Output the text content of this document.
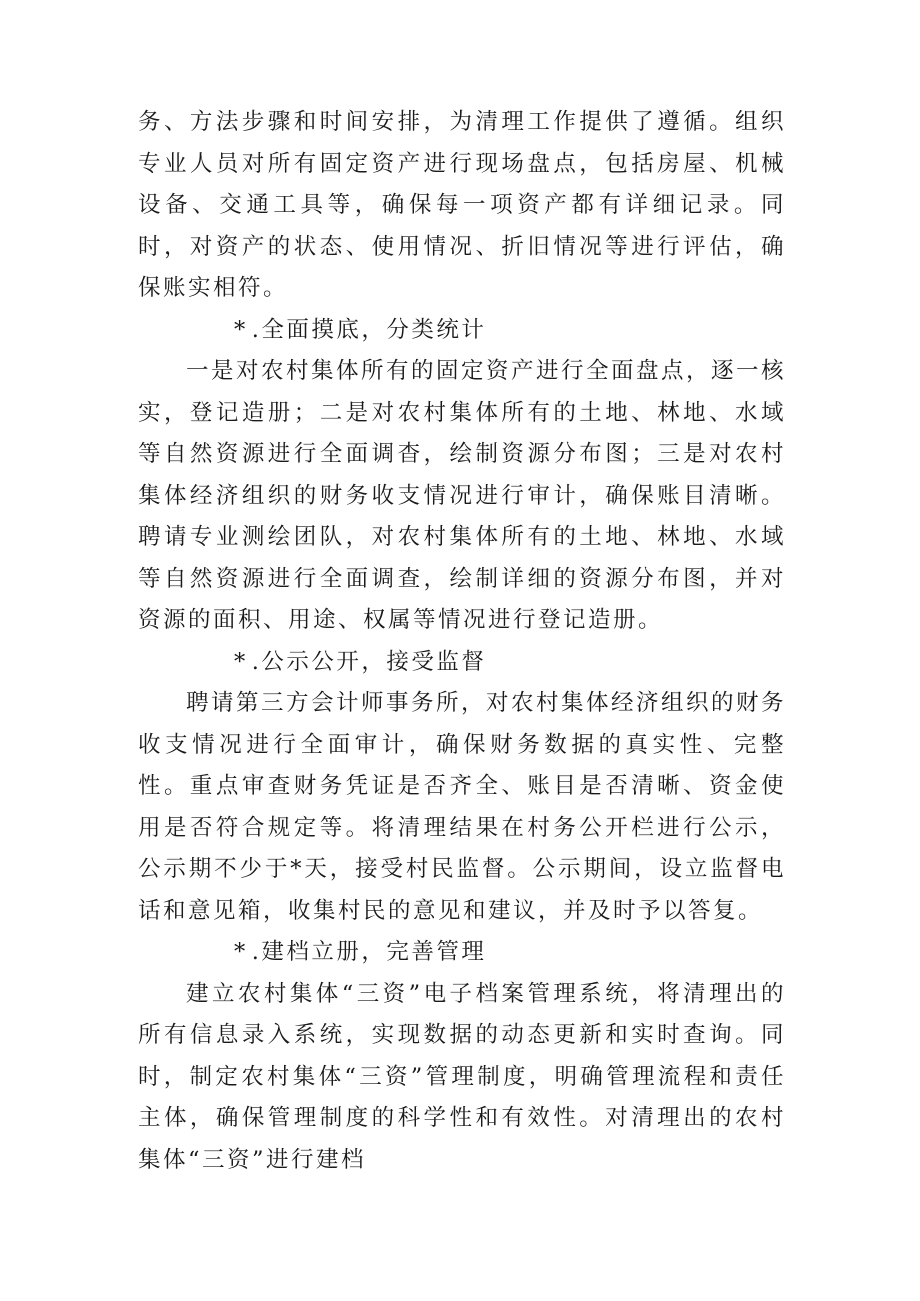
务、方法步骤和时间安排，为清理工作提供了遵循。组织专业人员对所有固定资产进行现场盘点，包括房屋、机械设备、交通工具等，确保每一项资产都有详细记录。同时，对资产的状态、使用情况、折旧情况等进行评估，确保账实相符。

* .全面摸底，分类统计

一是对农村集体所有的固定资产进行全面盘点，逐一核实，登记造册；二是对农村集体所有的土地、林地、水域等自然资源进行全面调杳，绘制资源分布图；三是对农村集体经济组织的财务收支情况进行审计，确保账目清晰。聘请专业测绘团队，对农村集体所有的土地、林地、水域等自然资源进行全面调查，绘制详细的资源分布图，并对资源的面积、用途、权属等情况进行登记造册。

* .公示公开，接受监督

聘请第三方会计师事务所，对农村集体经济组织的财务收支情况进行全面审计，确保财务数据的真实性、完整性。重点审查财务凭证是否齐全、账目是否清晰、资金使用是否符合规定等。将清理结果在村务公开栏进行公示，公示期不少于*天，接受村民监督。公示期间，设立监督电话和意见箱，收集村民的意见和建议，并及时予以答复。

* .建档立册，完善管理

建立农村集体“三资”电子档案管理系统，将清理出的所有信息录入系统，实现数据的动态更新和实时查询。同时，制定农村集体“三资”管理制度，明确管理流程和责任主体，确保管理制度的科学性和有效性。对清理出的农村集体“三资”进行建档
